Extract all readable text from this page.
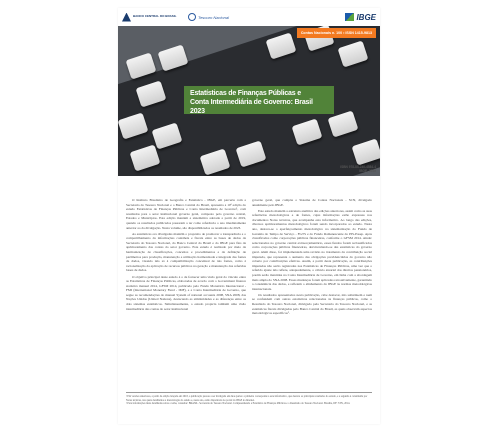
BANCO CENTRAL DO BRASIL	Tesouro Nacional	IBGE
Contas Nacionais n. 100 • ISSN 1415-9813
Estatísticas de Finanças Públicas e
Conta Intermediária de Governo: Brasil 2023
ISBN 978-85-240-4584-4
IBGE, 2025

O Instituto Brasileiro de Geografia e Estatística - IBGE, em parceria com a Secretaria do Tesouro Nacional e o Banco Central do Brasil, apresenta a 10ª edição do estudo Estatísticas de Finanças Públicas e Conta Intermediária de Governo¹, com resultados para o setor institucional governo geral, composto pelo governo central, Estados e Municípios. Esta edição mantém a sistemática adotada a partir de 2019, quando os resultados publicados passaram a ter como referência o ano imediatamente anterior ao da divulgação. Nesta volume, são disponibilizados os resultados de 2023.

As estatísticas ora divulgadas mantêm o propósito de promover a transparência e o compartilhamento da informações contábeis e fiscais entre as bases de dados da Secretaria do Tesouro Nacional, do Banco Central do Brasil e do IBGE para fins da aprimoramento das contas do setor governo. Este estudo é realizado por meio da harmonização de classificações, conceitos e procedimentos e da definição de parâmetros para produção, manutenção e utilização harmonizada e integrada das fontes de dados, visando não só à compatibilização conceitual de tais fontes, como à racionalização da aplicação de recursos públicos na geração e manutenção das referidas bases de dados.

O objetivo principal deste estudo é o de fornecer uma visão geral do vínculo entre as Estatísticas de Finanças Públicas, elaboradas de acordo com o Government finance statistics manual 2014, GFSM 2014, publicado pelo Fundo Monetário Internacional - FMI (International Monetary Fund - IMF), e a Conta Intermediária de Governo, que segue as recomendações do manual System of national accounts 2008, SNA 2008, das Nações Unidas (United Nations), destacando as similaridades e as diferenças entre os dois sistemas estatísticos. Simultaneamente, o estudo propicia também uma visão intermediária das contas do setor institucional

governo geral, que compõe o Sistema de Contas Nacionais - SCN, divulgado anualmente pelo IBGE.

Este estudo mantém a estrutura analítica das edições anteriores, assim como as suas referências metodológicas e de fontes, cujas informações estão expressas nos documentos Notas técnicas, que acompanha esta informativo. Ao longo das edições, diversos aprimoramentos metodológicos foram sendo incorporados ao estudo. Nesta ano, destaca-se o aperfeiçoamento metodológico na sistematização do Fundo de Garantia do Tempo de Serviço - FGTS e do Fundo Ramanescente do PIS-Pasep. Após classificados como corporações públicas financeiras, conforme o GFSM 2014. Ainda: selecionados no governo central extraorçamentário, esses fundos foram reclassificados como corporações públicas financeiras, desvinculando-se das estatísticas do governo geral. Além disso, foi implementada uma revisão no tratamento da contribuição social imputada, que representa o aumento das obrigações previdenciárias do governo não coberto por contribuições efetivas. Assim, a partir desta publicação, as contribuições imputadas não serão registradas nas Estatísticas de Finanças Públicas, uma vez que o referido ajuste não reflete, adequadamente, o cálculo atuarial dos direitos pensionários, porém serão mantidas na Conta Intermediária de Governo, em linha com a abordagem mais ampla do SNA 2008. Essas mudanças foram aplicadas retroativamente, garantindo a consistência das dados, e refletem o alinhamento do IBGE às normas metodológicas internacionais.

Os resultados apresentados nesta publicação, cabe destacar, não substituem e nem se confundem com outras estatísticas relacionadas às finanças públicas, como o Resultado do Tesouro Nacional, divulgado pela Secretaria do Tesouro Nacional, e as estatísticas fiscais divulgadas pelo Banco Central do Brasil, as quais observam aspectos metodológicos específicos².

¹ Em versões anteriores, a partir da edição lançada em 2018, a publicação passou a ser divulgada em duas partes: a primeira corresponde a este informativo, que destaca os principais resultados do estudo, e a segunda é constituída por Notas técnicas, nas quais detalhamos a metodologia do estudo e, neste ano, estão disponíveis no portal do IBGE na Internet.
² Para informações mais detalhadas sobre o tema, consultar: BRASIL. Secretaria do Tesouro Nacional. Compreendendo a Estatística de Finanças Públicas e o Resultado do Tesouro Nacional. Brasília, DF: STN, 2014.
